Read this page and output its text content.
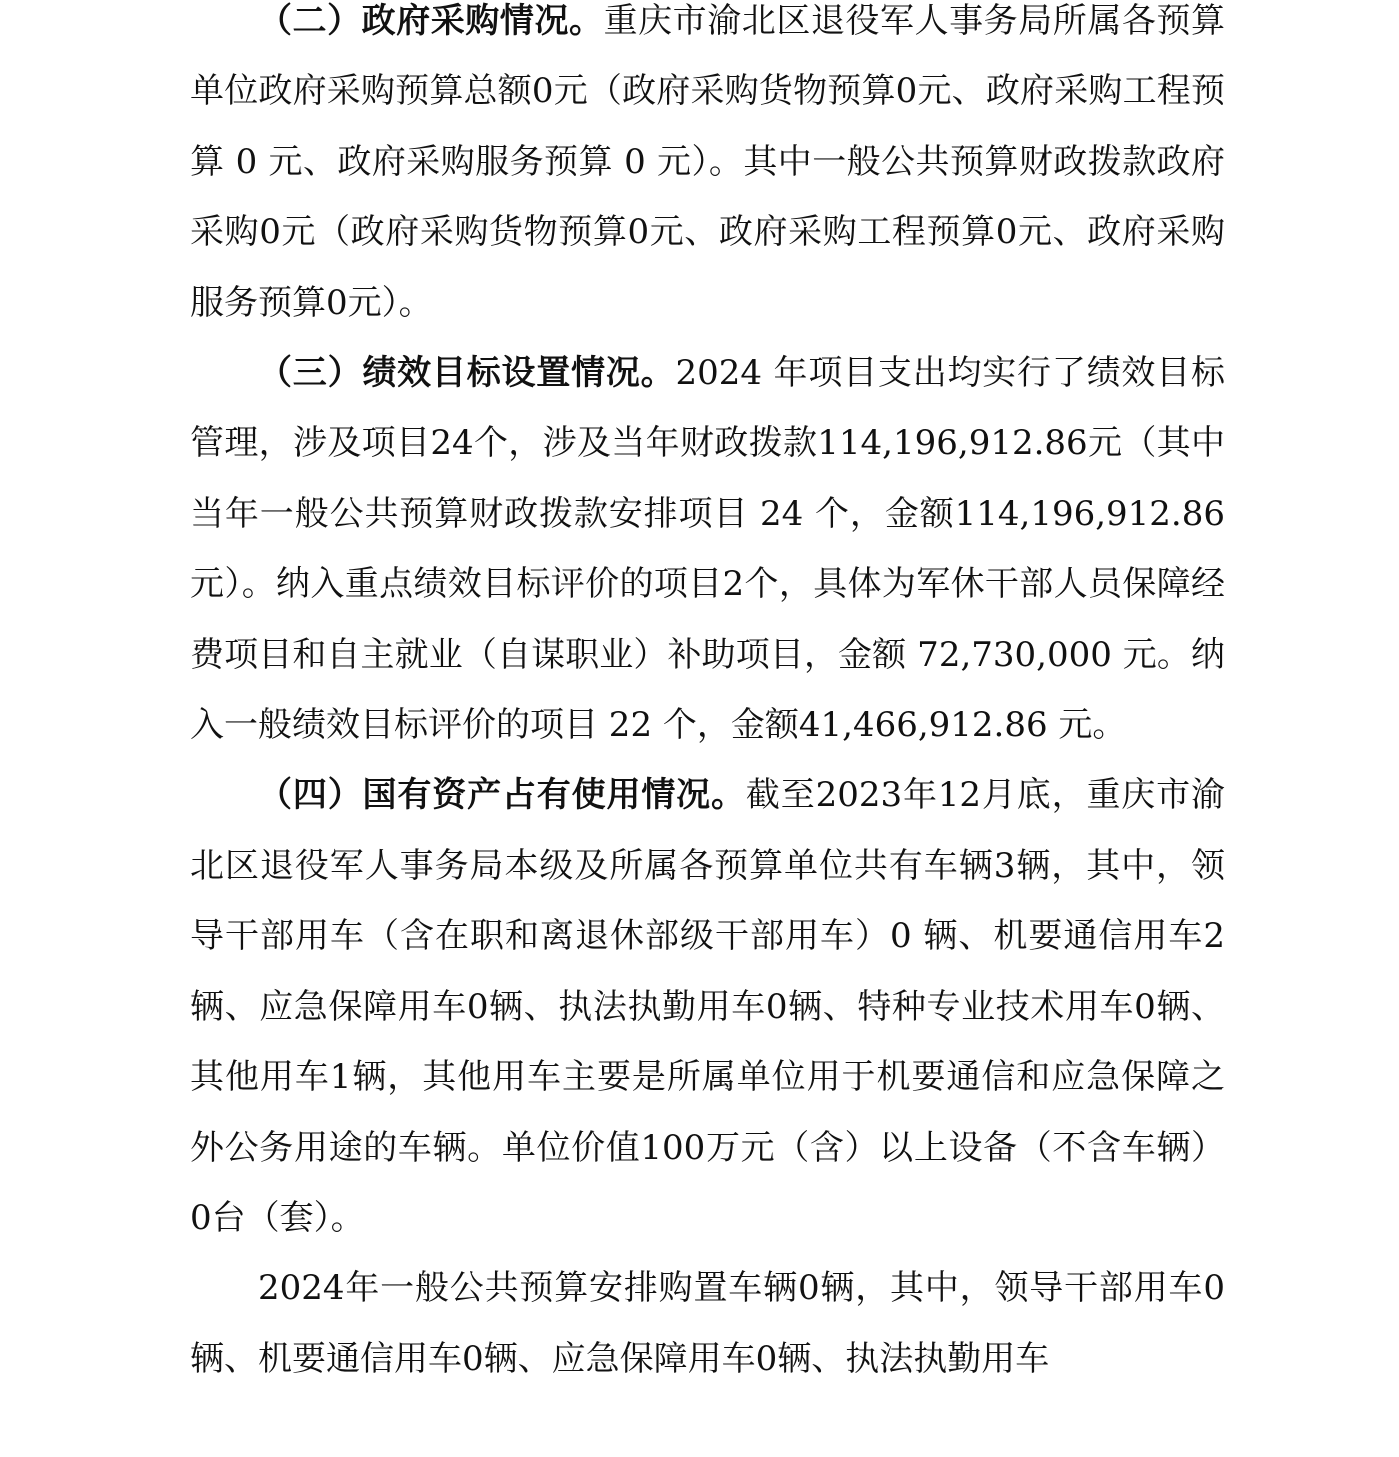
（二）政府采购情况。重庆市渝北区退役军人事务局所属各预算单位政府采购预算总额0元（政府采购货物预算0元、政府采购工程预算 0 元、政府采购服务预算 0 元）。其中一般公共预算财政拨款政府采购0元（政府采购货物预算0元、政府采购工程预算0元、政府采购服务预算0元）。

（三）绩效目标设置情况。2024 年项目支出均实行了绩效目标管理，涉及项目24个，涉及当年财政拨款114,196,912.86元（其中当年一般公共预算财政拨款安排项目 24 个，金额114,196,912.86 元）。纳入重点绩效目标评价的项目2个，具体为军休干部人员保障经费项目和自主就业（自谋职业）补助项目，金额 72,730,000 元。纳入一般绩效目标评价的项目 22 个，金额41,466,912.86 元。

（四）国有资产占有使用情况。截至2023年12月底，重庆市渝北区退役军人事务局本级及所属各预算单位共有车辆3辆，其中，领导干部用车（含在职和离退休部级干部用车）0 辆、机要通信用车2辆、应急保障用车0辆、执法执勤用车0辆、特种专业技术用车0辆、其他用车1辆，其他用车主要是所属单位用于机要通信和应急保障之外公务用途的车辆。单位价值100万元（含）以上设备（不含车辆）0台（套）。

2024年一般公共预算安排购置车辆0辆，其中，领导干部用车0辆、机要通信用车0辆、应急保障用车0辆、执法执勤用车
